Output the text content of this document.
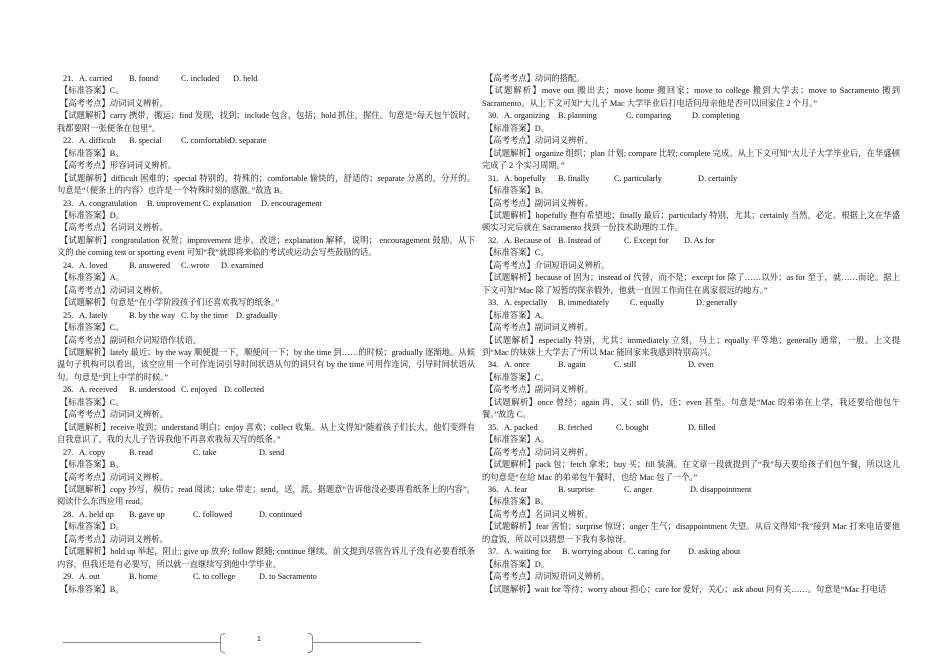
21. A. carried B. found	C. included D. held
【标准答案】C。
【高考考点】动词词义辨析。
【试题解析】carry 携带，搬运；find 发现，找到；include 包含，包括；hold 抓住，握住。句意是“每天包午饭时，我都要附一张便条在包里”。
22. A. difficult B. special C. comfortableD. separate
【标准答案】B。
【高考考点】形容词词义辨析。
【试题解析】difficult 困难的；special 特别的，特殊的；comfortable 愉快的，舒适的；separate 分离的，分开的。句意是“（便条上的内容）也许是一个特殊时刻的感激。”故选 B。
23. A. congratulation B. improvement C. explanation D. encouragement
【标准答案】D。
【高考考点】名词词义辨析。
【试题解析】congratulation 祝贺；improvement 进步，改进；explanation 解释，说明； encouragement 鼓励。从下文的 the coming test or sporting event 可知“我”就即将来临的考试或运动会写些鼓励的话。
24. A. loved	B. answered C. wrote D. examined
【标准答案】A。
【高考考点】动词词义辨析。
【试题解析】句意是“在小学阶段孩子们还喜欢我写的纸条。”
25. A. lately	B. by the way C. by the time D. gradually
【标准答案】C。
【高考考点】副词和介词短语作状语。
【试题解析】lately 最近；by the way 顺便提一下，顺便问一下；by the time 到……的时候；gradually 逐渐地。从候温句子机构可以看出，该空应用一个可作连词引导时间状语从句的词只有 by the time 可用作连词，引导时间状语从句。句意是“到上中学的时候。”
26. A. received B. understood C. enjoyed D. collected
【标准答案】C。
【高考考点】动词词义辨析。
【试题解析】receive 收到；understand 明白；enjoy 喜欢；collect 收集。从上文得知“随着孩子们长大，他们变得有自我意识了，我的大儿子告诉我他不再喜欢我每天写的纸条。”
27. A. copy	B. read	C. take	D. send
【标准答案】B。
【高考考点】动词词义辨析。
【试题解析】copy 抄写，模仿；read 阅读；take 带走；send，送，派。据题意“告诉他没必要再看纸条上的内容”，阅读什么东西应用 read。
28. A. held up B. gave up	C. followed	D. continued
【标准答案】D。
【高考考点】动词词义辨析。
【试题解析】hold up 举起，阻止; give up 放弃; follow 跟随; continue 继续。前文提到尽管告诉儿子没有必要看纸条内容，但我还是有必要写，所以就一直继续写到他中学毕业。
29. A. out	B. home	C. to college	D. to Sacramento
【标准答案】B。
【高考考点】动词的搭配。
【试题解析】move out 搬出去；move home 搬回家；move to college 搬到大学去；move to Sacramento 搬到 Sacramento。从上下文可知“大儿子 Mac 大学毕业后打电话问母亲他是否可以回家住 2 个月。”
30. A. organizing B. planning	C. comparing	D. completing
【标准答案】D。
【高考考点】动词词义辨析。
【试题解析】organize 组织；plan 计划; compare 比较; complete 完成。从上下文可知“大儿子大学毕业后，在华盛顿完成了 2 个实习周期。”
31. A. hopefully B. finally	C. particularly	D. certainly
【标准答案】B。
【高考考点】副词词义辨析。
【试题解析】hopefully 抱有希望地；finally 最后；particularly 特别，尤其；certainly 当然，必定。根据上文在华盛顿实习完后就在 Sacramento 找到一份技术助理的工作。
32. A. Because of B. Instead of	C. Except for D. As for
【标准答案】C。
【高考考点】介词短语词义辨析。
【试题解析】because of 因为；instead of 代替，而不是；except for 除了……以外；as for 至于，就……而论。据上下文可知“Mac 除了短暂的探亲假外，他就一直因工作而住在离家很远的地方。”
33. A. especially B. immediately	C. equally	D. generally
【标准答案】A。
【高考考点】副词词义辨析。
【试题解析】especially 特别，尤其；immediately 立刻，马上；equally 平等地；generally 通常，一般。上文提到“Mac 的妹妹上大学去了”所以 Mac 能回家来我感到特别高兴。
34. A. once	B. again	C. still	D. even
【标准答案】C。
【高考考点】副词词义辨析。
【试题解析】once 曾经；again 再，又；still 仍，还；even 甚至。句意是“Mac 的弟弟在上学，我还要给他包午餐。”故选 C。
35. A. packed B. fetched	C. bought	D. filled
【标准答案】A。
【高考考点】动词词义辨析。
【试题解析】pack 包；fetch 拿来；buy 买；fill 装满。在文章一段就提到了“我”每天要给孩子们包午餐，所以这儿的句意是“在给 Mac 的弟弟包午餐时，也给 Mac 包了一个。”
36. A. fear	B. surprise	C. anger	D. disappointment
【标准答案】B。
【高考考点】名词词义辨析。
【试题解析】fear 害怕；surprise 惊讶；anger 生气；disappointment 失望。从后文得知“我”接到 Mac 打来电话要他的盒饭，所以可以猜想一下我有多惊讶。
37. A. waiting for B. worrying about C. caring for D. asking about
【标准答案】D。
【高考考点】动词短语词义辨析。
【试题解析】wait for 等待；worry about 担心；care for 爱好，关心；ask about 问有关……。句意是“Mac 打电话
1
